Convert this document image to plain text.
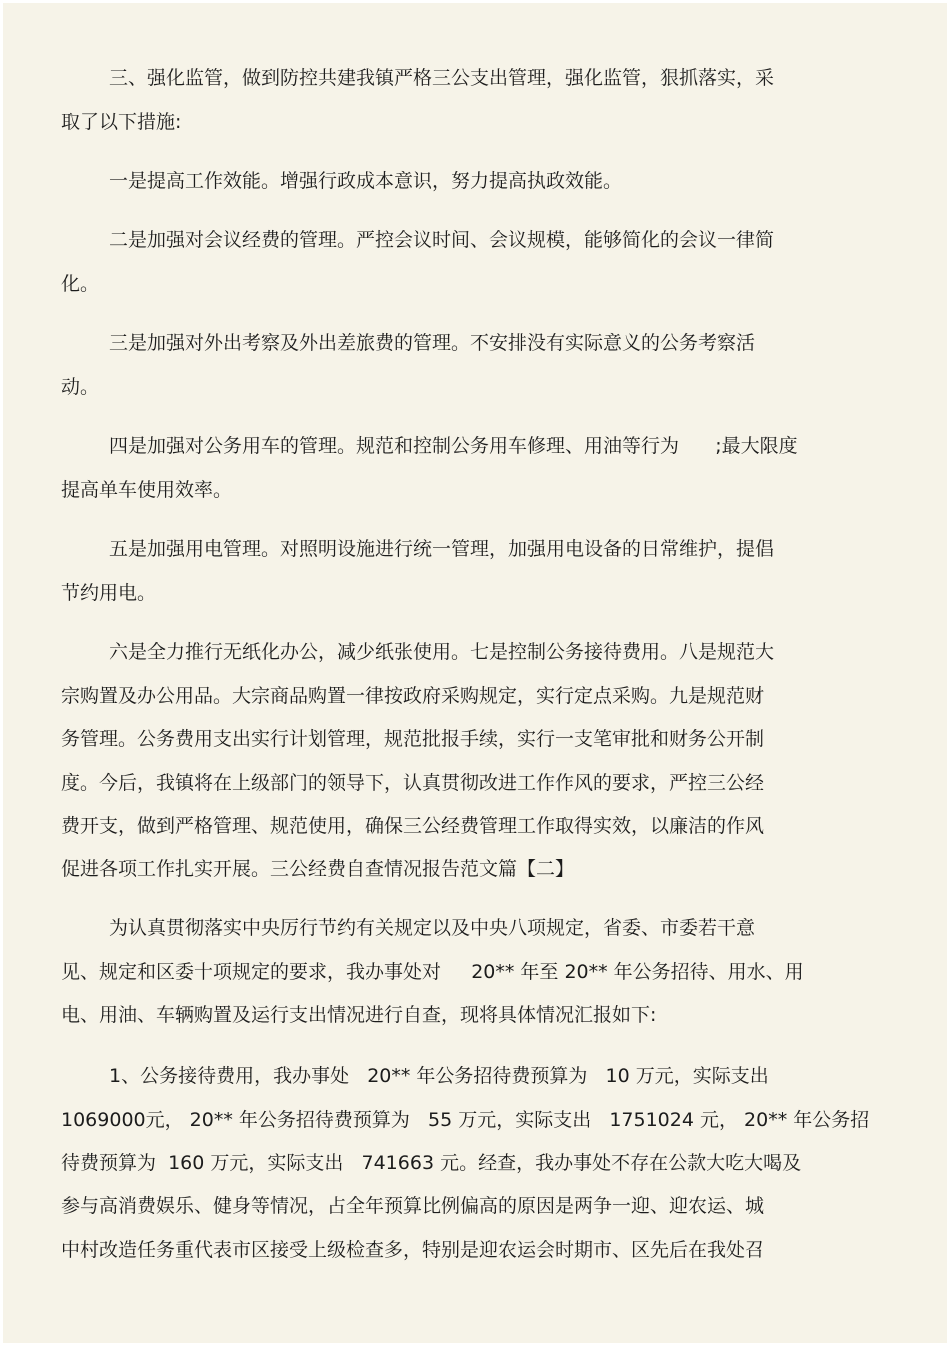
三、强化监管，做到防控共建我镇严格三公支出管理，强化监管，狠抓落实，采
取了以下措施:
一是提高工作效能。增强行政成本意识，努力提高执政效能。
二是加强对会议经费的管理。严控会议时间、会议规模，能够简化的会议一律简
化。
三是加强对外出考察及外出差旅费的管理。不安排没有实际意义的公务考察活
动。
四是加强对公务用车的管理。规范和控制公务用车修理、用油等行为      ;最大限度
提高单车使用效率。
五是加强用电管理。对照明设施进行统一管理，加强用电设备的日常维护，提倡
节约用电。
六是全力推行无纸化办公，减少纸张使用。七是控制公务接待费用。八是规范大
宗购置及办公用品。大宗商品购置一律按政府采购规定，实行定点采购。九是规范财
务管理。公务费用支出实行计划管理，规范批报手续，实行一支笔审批和财务公开制
度。今后，我镇将在上级部门的领导下，认真贯彻改进工作作风的要求，严控三公经
费开支，做到严格管理、规范使用，确保三公经费管理工作取得实效，以廉洁的作风
促进各项工作扎实开展。三公经费自查情况报告范文篇【二】
为认真贯彻落实中央厉行节约有关规定以及中央八项规定，省委、市委若干意
见、规定和区委十项规定的要求，我办事处对     20** 年至 20** 年公务招待、用水、用
电、用油、车辆购置及运行支出情况进行自查，现将具体情况汇报如下:
1、公务接待费用，我办事处   20** 年公务招待费预算为   10 万元，实际支出
1069000元， 20** 年公务招待费预算为   55 万元，实际支出   1751024 元， 20** 年公务招
待费预算为  160 万元，实际支出   741663 元。经查，我办事处不存在公款大吃大喝及
参与高消费娱乐、健身等情况，占全年预算比例偏高的原因是两争一迎、迎农运、城
中村改造任务重代表市区接受上级检查多，特别是迎农运会时期市、区先后在我处召
